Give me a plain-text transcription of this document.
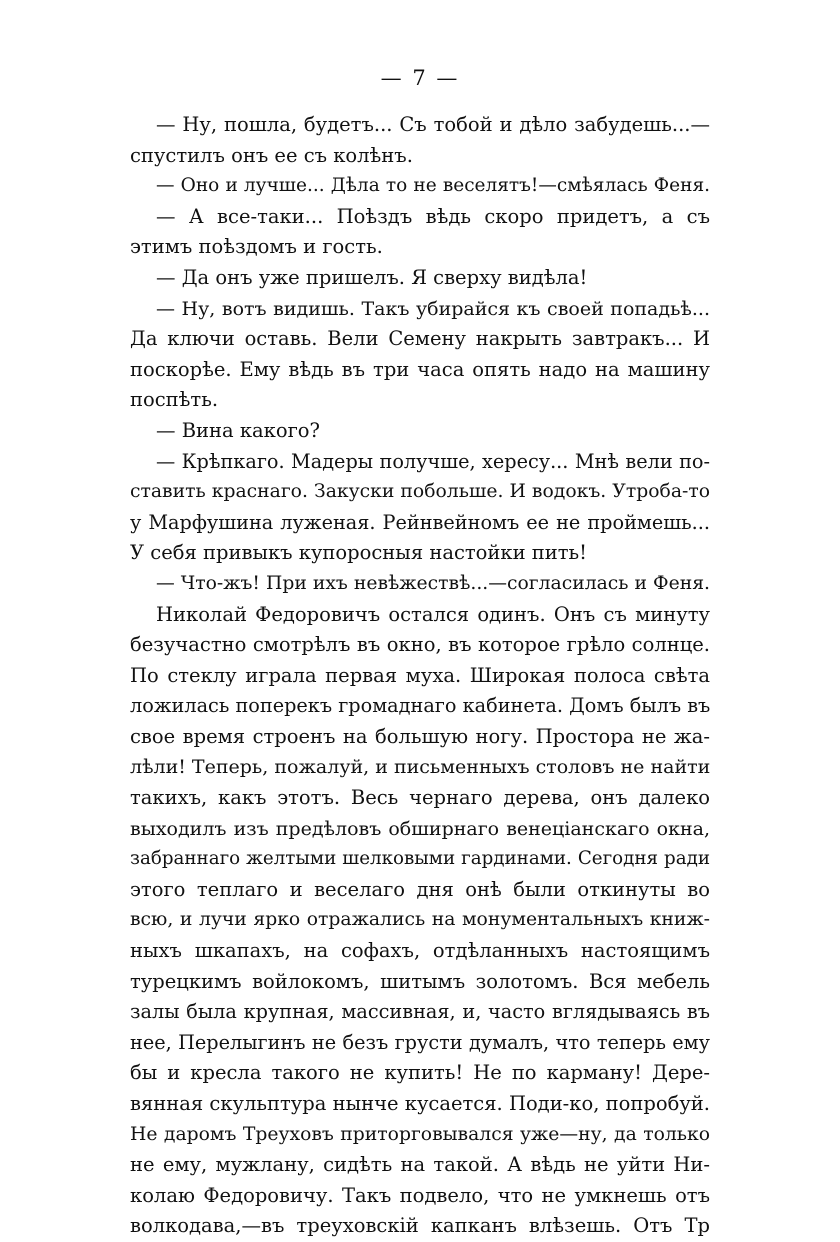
— 7 —
— Ну, пошла, будетъ... Съ тобой и дѣло забудешь...—
спустилъ онъ ее съ колѣнъ.
— Оно и лучше... Дѣла то не веселятъ!—смѣялась Феня.
— А все-таки... Поѣздъ вѣдь скоро придетъ, а съ
этимъ поѣздомъ и гость.
— Да онъ уже пришелъ. Я сверху видѣла!
— Ну, вотъ видишь. Такъ убирайся къ своей попадьѣ...
Да ключи оставь. Вели Семену накрыть завтракъ... И
поскорѣе. Ему вѣдь въ три часа опять надо на машину
поспѣть.
— Вина какого?
— Крѣпкаго. Мадеры получше, хересу... Мнѣ вели по-
ставить краснаго. Закуски побольше. И водокъ. Утроба-то
у Марфушина луженая. Рейнвейномъ ее не проймешь...
У себя привыкъ купоросныя настойки пить!
— Что-жъ! При ихъ невѣжествѣ...—согласилась и Феня.
Николай Федоровичъ остался одинъ. Онъ съ минуту
безучастно смотрѣлъ въ окно, въ которое грѣло солнце.
По стеклу играла первая муха. Широкая полоса свѣта
ложилась поперекъ громаднаго кабинета. Домъ былъ въ
свое время строенъ на большую ногу. Простора не жа-
лѣли! Теперь, пожалуй, и письменныхъ столовъ не найти
такихъ, какъ этотъ. Весь чернаго дерева, онъ далеко
выходилъ изъ предѣловъ обширнаго венеціанскаго окна,
забраннаго желтыми шелковыми гардинами. Сегодня ради
этого теплаго и веселаго дня онѣ были откинуты во
всю, и лучи ярко отражались на монументальныхъ книж-
ныхъ шкапахъ, на софахъ, отдѣланныхъ настоящимъ
турецкимъ войлокомъ, шитымъ золотомъ. Вся мебель
залы была крупная, массивная, и, часто вглядываясь въ
нее, Перелыгинъ не безъ грусти думалъ, что теперь ему
бы и кресла такого не купить! Не по карману! Дере-
вянная скульптура нынче кусается. Поди-ко, попробуй.
Не даромъ Треуховъ приторговывался уже—ну, да только
не ему, мужлану, сидѣть на такой. А вѣдь не уйти Ни-
колаю Федоровичу. Такъ подвело, что не умкнешь отъ
волкодава,—въ треуховскій капканъ влѣзешь. Отъ Тр
